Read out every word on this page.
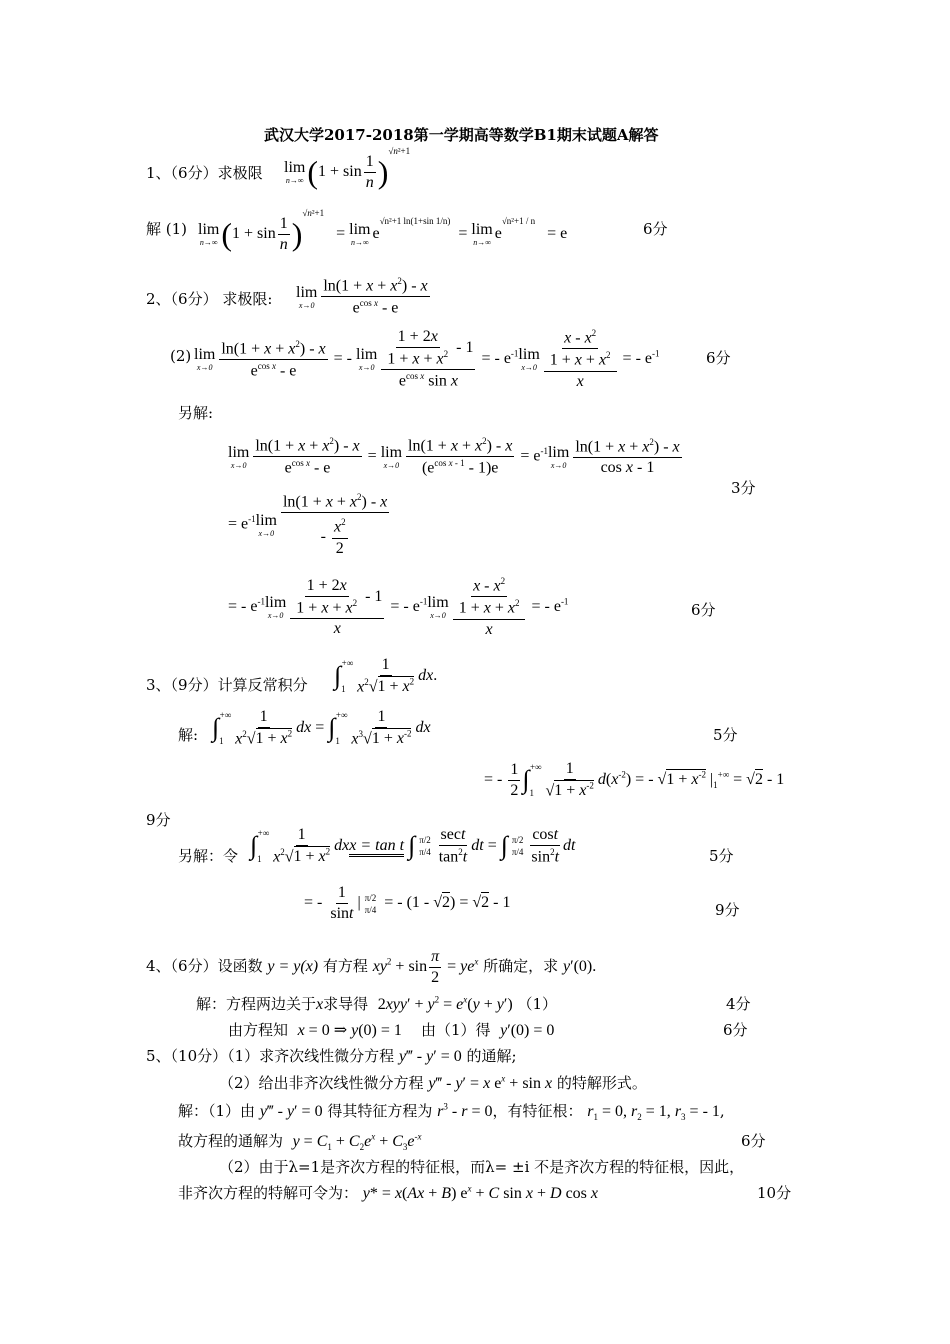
武汉大学2017-2018第一学期高等数学B1期末试题A解答
1、（6分）求极限 lim
n→∞ $(1 + \sin \frac{1}{n} )^{√n^2+1}$
解 (1) lim
n→∞ $(1 + \sin \frac{1}{n} )^{√n^2+1} = \lim$
n→∞
$e^{√n^2+1 ln(1+sin 1/n)} = \lim$
n→∞
$e^{√n^2+1 / n} = e$	6分
2、（6分） 求极限: lim
$x\to 0 \frac{\ln(1 + x + x^2) - x}{e^{cos x} - e}$
(2) lim
$x\to 0 \frac{\ln(1 + x + x^2) - x}{e^{cos x} - e}$ = - lim
$x\to 0 \frac{\frac{1 + 2x}{1 + x + x^2} - 1}{e^{cos x} \sin x}$ = - $e^{-1}$ lim
$x\to 0 \frac{\frac{x - x^2}{1 + x + x^2}}{x}$ = - $e^{-1}$	6分
另解:
lim
$x\to 0 \frac{\ln(1 + x + x^2) - x}{e^{cos x} - e} = \lim$
$x\to 0 \frac{\ln(1 + x + x^2) - x}{(e^{cos x - 1} - 1)e} = e^{-1}$ lim
$x\to 0 \frac{\ln(1 + x + x^2) - x}{\text{cos x - 1}}$
3分
= $e^{-1}$ lim
$x\to 0 \frac{\ln(1 + x + x^2) - x}{- \frac{x^2}{2}}$
= - $e^{-1}$ lim
$x\to 0 \frac{\frac{1 + 2x}{1 + x + x^2} - 1}{x}$ = - $e^{-1}$ lim
$x\to 0 \frac{\frac{x - x^2}{1 + x + x^2}}{x}$ = - $e^{-1}$	6分
3、（9分）计算反常积分 $\int_1^{+\infty} \frac{1}{x^2√1 + x^2}$ dx.
解: $\int_1^{+\infty} \frac{1}{x^2√1 + x^2}$ dx = $\int_1^{+\infty} \frac{1}{x^3√1 + x^{-2}}$ dx	5分
= - $\frac{1}{2} \int_1^{+\infty} \frac{1}{√1 + x^{-2}} d(x^{-2})$ = - $√1 + x^{-2}$ $|_1^{+\infty} = √2 - 1$
9分
另解：令 $\int_1^{+\infty} \frac{1}{x^2√1 + x^2}$ dxx = tan t ∫ π/2
$\pi/4 \frac{\sec t}{\tan^2t}$ dt = ∫ π/2
$\pi/4 \frac{\cos t}{\sin^2t}$ dt
5分
= - $\frac{1}{\sin t}$ | π/2
π/4 = - (1 - √2) = √2 - 1	9分
4、（6分）设函数 y = y(x) 有方程 $xy^2 + \sin \frac{\pi}{2} = ye^x$ 所确定，求 y′(0).
解：方程两边关于x求导得 $2xyy' + y^2 = e^x(y + y')$ （1）	4分
由方程知 x = 0 ⇒ y(0) = 1 由（1）得 y′(0) = 0	6分
5、（10分）（1）求齐次线性微分方程 y‴ - y′ = 0 的通解;
（2）给出非齐次线性微分方程 y‴ - y′ = x $e^x + \sin x$ 的特解形式。
解：（1）由 y‴ - y′ = 0 得其特征方程为 $r^3 - r = 0$，有特征根： $r_1 = 0$, $r_2 = 1$, $r_3$ = - 1,
故方程的通解为 $y = C_1 + C_2e^x + C_3e^{-x}$	6分
（2）由于λ=1是齐次方程的特征根，而λ= ±i 不是齐次方程的特征根，因此，
非齐次方程的特解可令为： y* = x(Ax + B) $e^x + C$ sin x + D cos x	10分
